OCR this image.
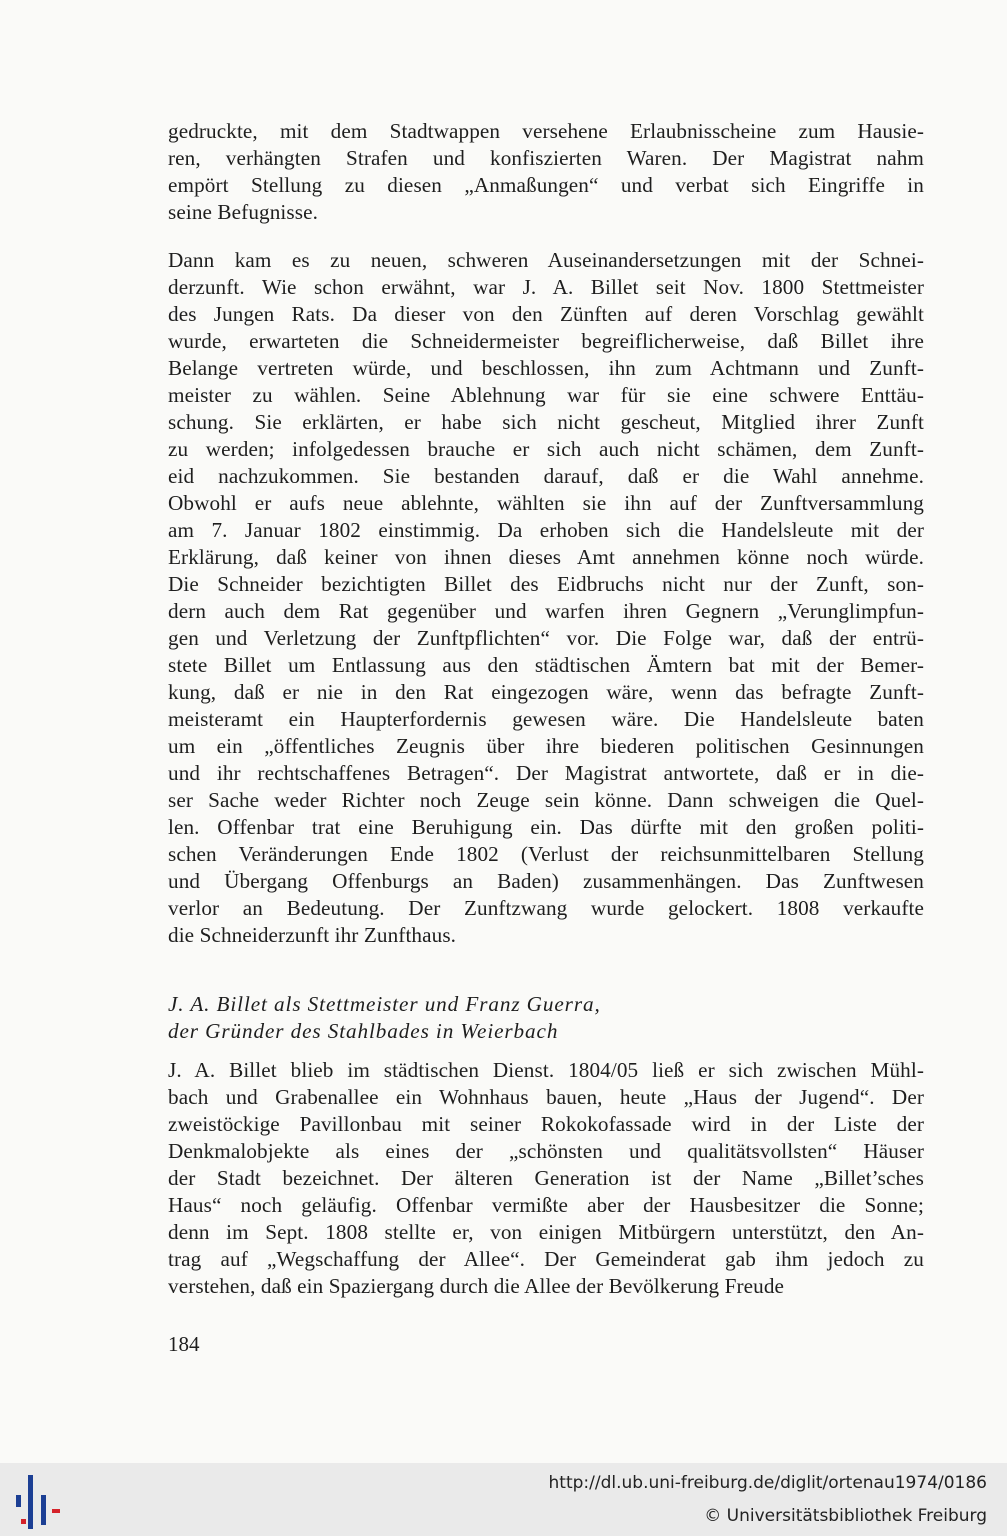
gedruckte, mit dem Stadtwappen versehene Erlaubnisscheine zum Hausie-
ren, verhängten Strafen und konfiszierten Waren. Der Magistrat nahm
empört Stellung zu diesen „Anmaßungen“ und verbat sich Eingriffe in
seine Befugnisse.
Dann kam es zu neuen, schweren Auseinandersetzungen mit der Schnei-
derzunft. Wie schon erwähnt, war J. A. Billet seit Nov. 1800 Stettmeister
des Jungen Rats. Da dieser von den Zünften auf deren Vorschlag gewählt
wurde, erwarteten die Schneidermeister begreiflicherweise, daß Billet ihre
Belange vertreten würde, und beschlossen, ihn zum Achtmann und Zunft-
meister zu wählen. Seine Ablehnung war für sie eine schwere Enttäu-
schung. Sie erklärten, er habe sich nicht gescheut, Mitglied ihrer Zunft
zu werden; infolgedessen brauche er sich auch nicht schämen, dem Zunft-
eid nachzukommen. Sie bestanden darauf, daß er die Wahl annehme.
Obwohl er aufs neue ablehnte, wählten sie ihn auf der Zunftversammlung
am 7. Januar 1802 einstimmig. Da erhoben sich die Handelsleute mit der
Erklärung, daß keiner von ihnen dieses Amt annehmen könne noch würde.
Die Schneider bezichtigten Billet des Eidbruchs nicht nur der Zunft, son-
dern auch dem Rat gegenüber und warfen ihren Gegnern „Verunglimpfun-
gen und Verletzung der Zunftpflichten“ vor. Die Folge war, daß der entrü-
stete Billet um Entlassung aus den städtischen Ämtern bat mit der Bemer-
kung, daß er nie in den Rat eingezogen wäre, wenn das befragte Zunft-
meisteramt ein Haupterfordernis gewesen wäre. Die Handelsleute baten
um ein „öffentliches Zeugnis über ihre biederen politischen Gesinnungen
und ihr rechtschaffenes Betragen“. Der Magistrat antwortete, daß er in die-
ser Sache weder Richter noch Zeuge sein könne. Dann schweigen die Quel-
len. Offenbar trat eine Beruhigung ein. Das dürfte mit den großen politi-
schen Veränderungen Ende 1802 (Verlust der reichsunmittelbaren Stellung
und Übergang Offenburgs an Baden) zusammenhängen. Das Zunftwesen
verlor an Bedeutung. Der Zunftzwang wurde gelockert. 1808 verkaufte
die Schneiderzunft ihr Zunfthaus.
J. A. Billet als Stettmeister und Franz Guerra,
der Gründer des Stahlbades in Weierbach
J. A. Billet blieb im städtischen Dienst. 1804/05 ließ er sich zwischen Mühl-
bach und Grabenallee ein Wohnhaus bauen, heute „Haus der Jugend“. Der
zweistöckige Pavillonbau mit seiner Rokokofassade wird in der Liste der
Denkmalobjekte als eines der „schönsten und qualitätsvollsten“ Häuser
der Stadt bezeichnet. Der älteren Generation ist der Name „Billet’sches
Haus“ noch geläufig. Offenbar vermißte aber der Hausbesitzer die Sonne;
denn im Sept. 1808 stellte er, von einigen Mitbürgern unterstützt, den An-
trag auf „Wegschaffung der Allee“. Der Gemeinderat gab ihm jedoch zu
verstehen, daß ein Spaziergang durch die Allee der Bevölkerung Freude
184
http://dl.ub.uni-freiburg.de/diglit/ortenau1974/0186
© Universitätsbibliothek Freiburg
